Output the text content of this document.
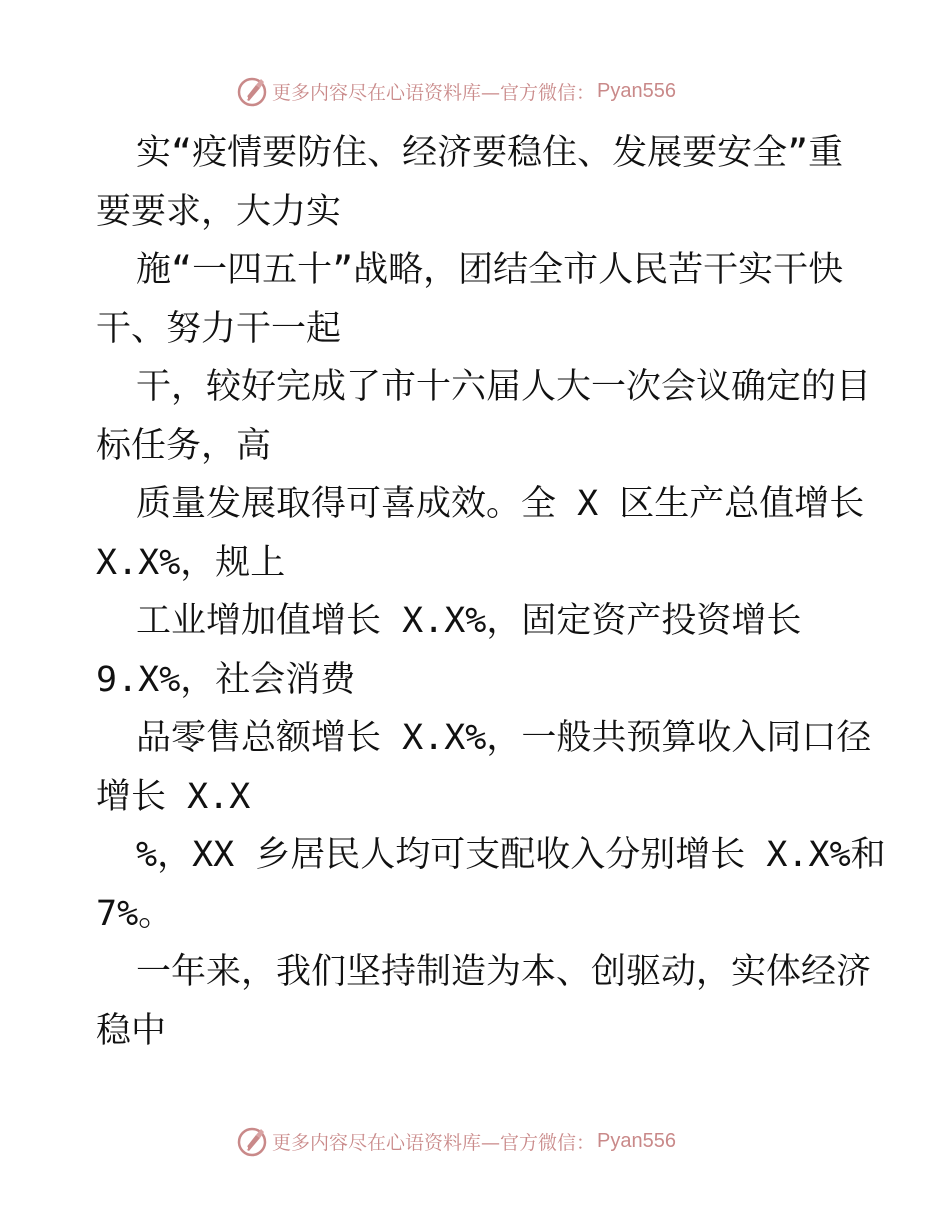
更多内容尽在心语资料库—官方微信： Pyan556
实“疫情要防住、经济要稳住、发展要安全”重
要要求，大力实
施“一四五十”战略，团结全市人民苦干实干快
干、努力干一起
干，较好完成了市十六届人大一次会议确定的目
标任务，高
质量发展取得可喜成效。全 X 区生产总值增长
X.X%，规上
工业增加值增长 X.X%，固定资产投资增长
9.X%，社会消费
品零售总额增长 X.X%，一般共预算收入同口径
增长 X.X
%，XX 乡居民人均可支配收入分别增长 X.X%和
7%。
一年来，我们坚持制造为本、创驱动，实体经济
稳中
更多内容尽在心语资料库—官方微信： Pyan556
